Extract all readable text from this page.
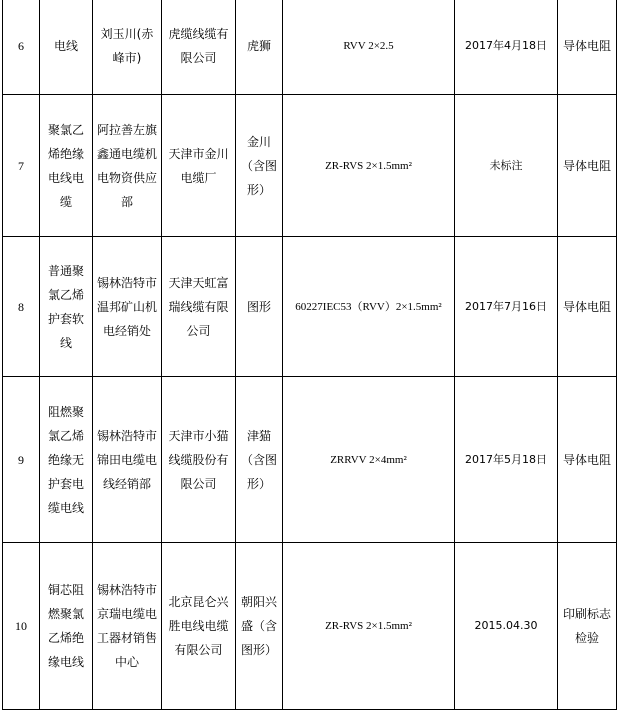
6	电线	刘玉川(赤峰市)	虎缆线缆有限公司	虎狮	RVV 2×2.5	2017年4月18日	导体电阻

7	聚氯乙烯绝缘电线电缆	阿拉善左旗鑫通电缆机电物资供应部	天津市金川电缆厂	金川（含图形）	ZR-RVS 2×1.5mm²	未标注	导体电阻

8	普通聚氯乙烯护套软线	锡林浩特市温邦矿山机电经销处	天津天虹富瑞线缆有限公司	图形	60227IEC53（RVV）2×1.5mm²	2017年7月16日	导体电阻

9	阻燃聚氯乙烯绝缘无护套电缆电线	锡林浩特市锦田电缆电线经销部	天津市小猫线缆股份有限公司	津猫（含图形）	ZRRVV 2×4mm²	2017年5月18日	导体电阻

10	铜芯阻燃聚氯乙烯绝缘电线	锡林浩特市京瑞电缆电工器材销售中心	北京昆仑兴胜电线电缆有限公司	朝阳兴盛（含图形）	ZR-RVS 2×1.5mm²	2015.04.30	印刷标志检验
